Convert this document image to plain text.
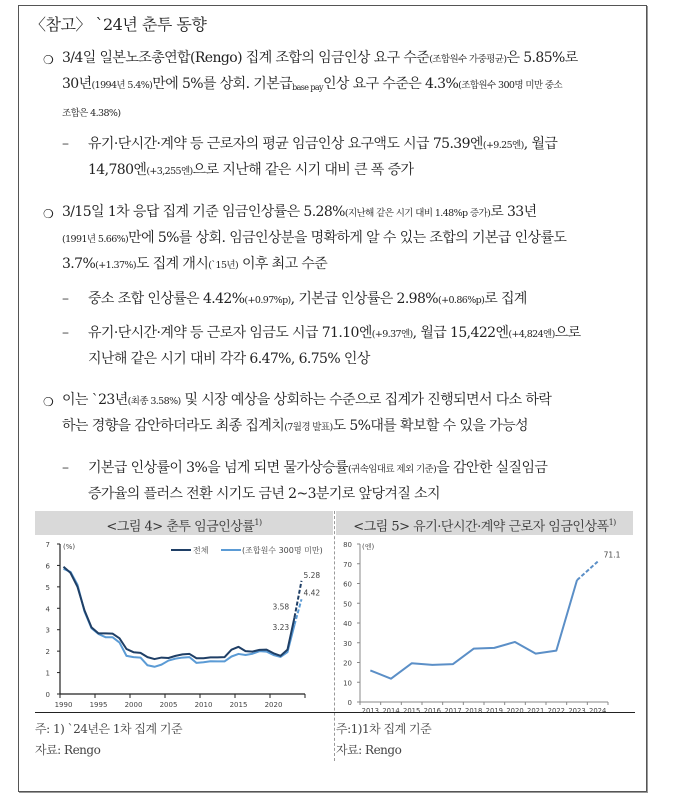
〈참고〉 `24년 춘투 동향
❍ 3/4일 일본노조총연합(Rengo) 집계 조합의 임금인상 요구 수준(조합원수 가중평균)은 5.85%로
30년(1994년 5.4%)만에 5%를 상회. 기본급$_{base pay}$인상 요구 수준은 4.3%(조합원수 300명 미만 중소
조합은 4.38%)
– 유기·단시간·계약 등 근로자의 평균 임금인상 요구액도 시급 75.39엔(+9.25엔), 월급
14,780엔(+3,255엔)으로 지난해 같은 시기 대비 큰 폭 증가
❍ 3/15일 1차 응답 집계 기준 임금인상률은 5.28%(지난해 같은 시기 대비 1.48%p 증가)로 33년
(1991년 5.66%)만에 5%를 상회. 임금인상분을 명확하게 알 수 있는 조합의 기본급 인상률도
3.7%(+1.37%)도 집계 개시(`15년) 이후 최고 수준
– 중소 조합 인상률은 4.42%(+0.97%p), 기본급 인상률은 2.98%(+0.86%p)로 집계
– 유기·단시간·계약 등 근로자 임금도 시급 71.10엔(+9.37엔), 월급 15,422엔(+4,824엔)으로
지난해 같은 시기 대비 각각 6.47%, 6.75% 인상
❍ 이는 `23년(최종 3.58%) 및 시장 예상을 상회하는 수준으로 집계가 진행되면서 다소 하락
하는 경향을 감안하더라도 최종 집계치(7월경 발표)도 5%대를 확보할 수 있을 가능성
– 기본급 인상률이 3%을 넘게 되면 물가상승률(귀속임대료 제외 기준)을 감안한 실질임금
증가율의 플러스 전환 시기도 금년 2~3분기로 앞당겨질 소지
<그림 4> 춘투 임금인상률$^{1)}$	<그림 5> 유기·단시간·계약 근로자 임금인상폭$^{1)}$
0
1
2
3
4
5
6
7 (%)
1990 1995 2000 2005 2010 2015 2020
전체	(조합원수 300명 미만)
3.23
4.42
3.58
5.28
0
10
20
30
40
50
60
70
80 (엔)
2013 2014 2015 2016 2017 2018 2019 2020 2021 2022 2023 2024
71.1
주: 1) `24년은 1차 집계 기준
자료: Rengo
주:1)1차 집계 기준
자료: Rengo
